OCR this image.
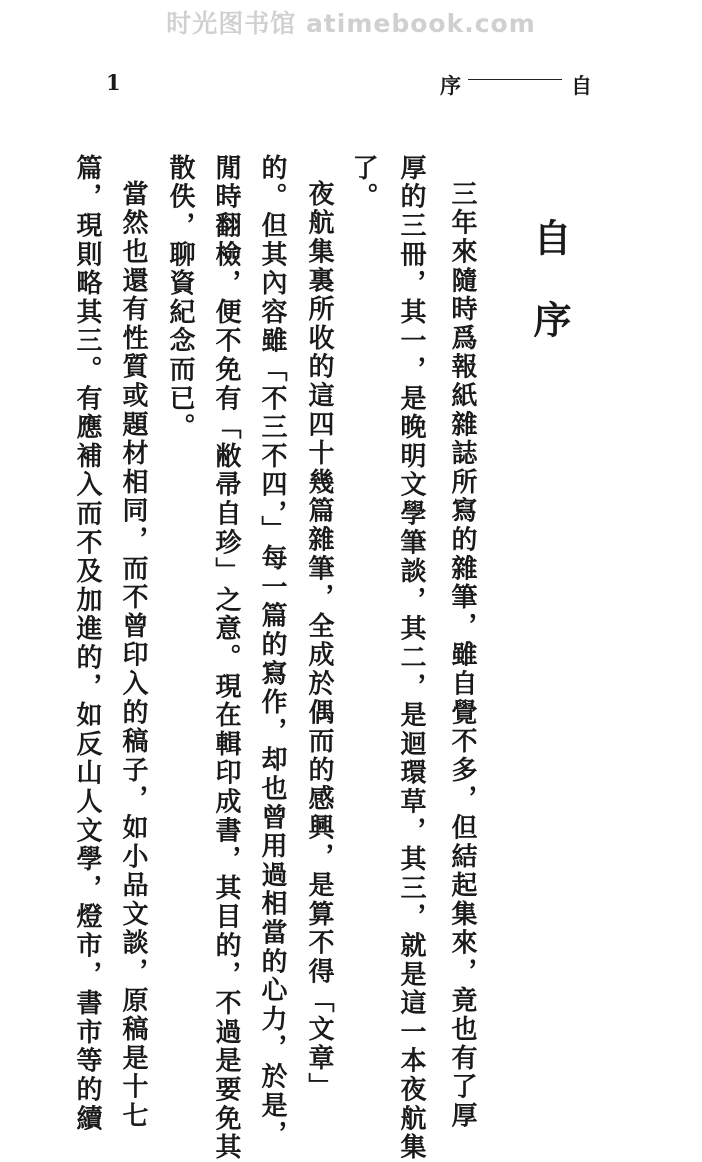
时光图书馆 atimebook.com
1	序	自
自序
三年來隨時爲報紙雜誌所寫的雜筆，雖自覺不多，但結起集來，竟也有了厚
厚的三冊，其一，是晚明文學筆談，其二，是迴環草，其三，就是這一本夜航集
了。
夜航集裏所收的這四十幾篇雜筆，全成於偶而的感興，是算不得「文章」
的。但其內容雖「不三不四，」每一篇的寫作，却也曾用過相當的心力，於是，
閒時翻檢，便不免有「敝帚自珍」之意。現在輯印成書，其目的，不過是要免其
散佚，聊資紀念而已。
當然也還有性質或題材相同，而不曾印入的稿子，如小品文談，原稿是十七
篇，現則略其三。有應補入而不及加進的，如反山人文學，燈市，書市等的續
